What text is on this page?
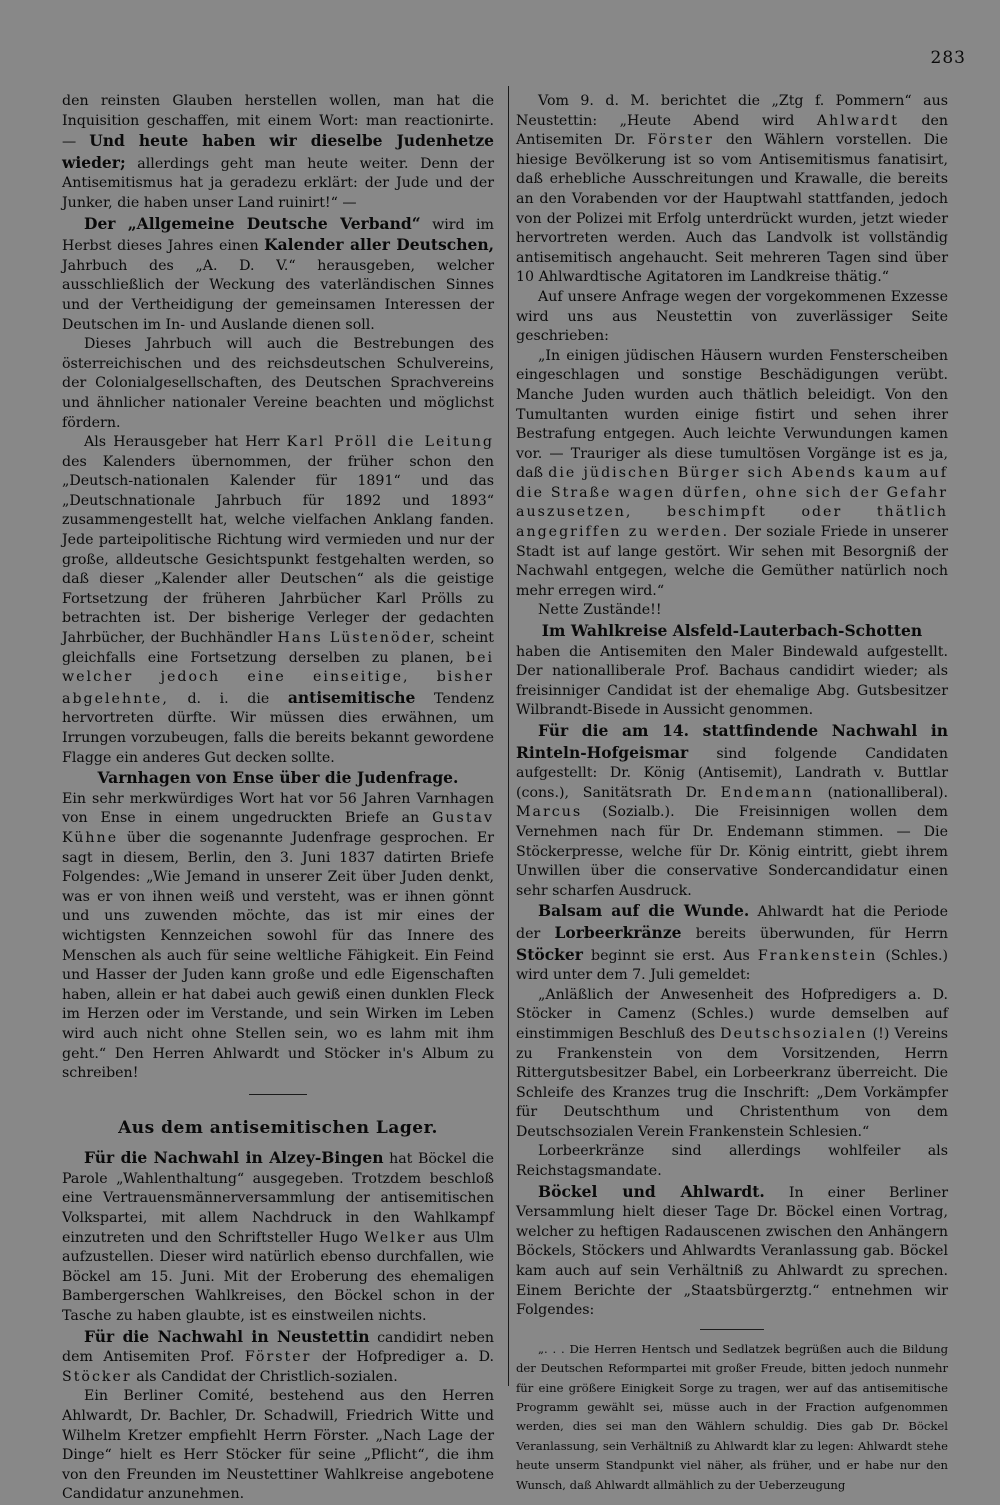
283

den reinsten Glauben herstellen wollen, man hat die Inquisition geschaffen, mit einem Wort: man reactionirte. — Und heute haben wir dieselbe Judenhetze wieder; allerdings geht man heute weiter. Denn der Antisemitismus hat ja geradezu erklärt: der Jude und der Junker, die haben unser Land ruinirt!“ —

Der „Allgemeine Deutsche Verband“ wird im Herbst dieses Jahres einen Kalender aller Deutschen, Jahrbuch des „A. D. V.“ herausgeben, welcher ausschließlich der Weckung des vaterländischen Sinnes und der Vertheidigung der gemeinsamen Interessen der Deutschen im In- und Auslande dienen soll.

Dieses Jahrbuch will auch die Bestrebungen des österreichischen und des reichsdeutschen Schulvereins, der Colonialgesellschaften, des Deutschen Sprachvereins und ähnlicher nationaler Vereine beachten und möglichst fördern.

Als Herausgeber hat Herr Karl Pröll die Leitung des Kalenders übernommen, der früher schon den „Deutsch-nationalen Kalender für 1891“ und das „Deutschnationale Jahrbuch für 1892 und 1893“ zusammengestellt hat, welche vielfachen Anklang fanden. Jede parteipolitische Richtung wird vermieden und nur der große, alldeutsche Gesichtspunkt festgehalten werden, so daß dieser „Kalender aller Deutschen“ als die geistige Fortsetzung der früheren Jahrbücher Karl Prölls zu betrachten ist. Der bisherige Verleger der gedachten Jahrbücher, der Buchhändler Hans Lüstenöder, scheint gleichfalls eine Fortsetzung derselben zu planen, bei welcher jedoch eine einseitige, bisher abgelehnte, d. i. die antisemitische Tendenz hervortreten dürfte. Wir müssen dies erwähnen, um Irrungen vorzubeugen, falls die bereits bekannt gewordene Flagge ein anderes Gut decken sollte.

Varnhagen von Ense über die Judenfrage.

Ein sehr merkwürdiges Wort hat vor 56 Jahren Varnhagen von Ense in einem ungedruckten Briefe an Gustav Kühne über die sogenannte Judenfrage gesprochen. Er sagt in diesem, Berlin, den 3. Juni 1837 datirten Briefe Folgendes: „Wie Jemand in unserer Zeit über Juden denkt, was er von ihnen weiß und versteht, was er ihnen gönnt und uns zuwenden möchte, das ist mir eines der wichtigsten Kennzeichen sowohl für das Innere des Menschen als auch für seine weltliche Fähigkeit. Ein Feind und Hasser der Juden kann große und edle Eigenschaften haben, allein er hat dabei auch gewiß einen dunklen Fleck im Herzen oder im Verstande, und sein Wirken im Leben wird auch nicht ohne Stellen sein, wo es lahm mit ihm geht.“ Den Herren Ahlwardt und Stöcker in's Album zu schreiben!

Aus dem antisemitischen Lager.

Für die Nachwahl in Alzey-Bingen hat Böckel die Parole „Wahlenthaltung“ ausgegeben. Trotzdem beschloß eine Vertrauensmännerversammlung der antisemitischen Volkspartei, mit allem Nachdruck in den Wahlkampf einzutreten und den Schriftsteller Hugo Welker aus Ulm aufzustellen. Dieser wird natürlich ebenso durchfallen, wie Böckel am 15. Juni. Mit der Eroberung des ehemaligen Bambergerschen Wahlkreises, den Böckel schon in der Tasche zu haben glaubte, ist es einstweilen nichts.

Für die Nachwahl in Neustettin candidirt neben dem Antisemiten Prof. Förster der Hofprediger a. D. Stöcker als Candidat der Christlich-sozialen.

Ein Berliner Comité, bestehend aus den Herren Ahlwardt, Dr. Bachler, Dr. Schadwill, Friedrich Witte und Wilhelm Kretzer empfiehlt Herrn Förster. „Nach Lage der Dinge“ hielt es Herr Stöcker für seine „Pflicht“, die ihm von den Freunden im Neustettiner Wahlkreise angebotene Candidatur anzunehmen.

Vom 9. d. M. berichtet die „Ztg f. Pommern“ aus Neustettin: „Heute Abend wird Ahlwardt den Antisemiten Dr. Förster den Wählern vorstellen. Die hiesige Bevölkerung ist so vom Antisemitismus fanatisirt, daß erhebliche Ausschreitungen und Krawalle, die bereits an den Vorabenden vor der Hauptwahl stattfanden, jedoch von der Polizei mit Erfolg unterdrückt wurden, jetzt wieder hervortreten werden. Auch das Landvolk ist vollständig antisemitisch angehaucht. Seit mehreren Tagen sind über 10 Ahlwardtische Agitatoren im Landkreise thätig.“

Auf unsere Anfrage wegen der vorgekommenen Exzesse wird uns aus Neustettin von zuverlässiger Seite geschrieben:

„In einigen jüdischen Häusern wurden Fensterscheiben eingeschlagen und sonstige Beschädigungen verübt. Manche Juden wurden auch thätlich beleidigt. Von den Tumultanten wurden einige fistirt und sehen ihrer Bestrafung entgegen. Auch leichte Verwundungen kamen vor. — Trauriger als diese tumultösen Vorgänge ist es ja, daß die jüdischen Bürger sich Abends kaum auf die Straße wagen dürfen, ohne sich der Gefahr auszusetzen, beschimpft oder thätlich angegriffen zu werden. Der soziale Friede in unserer Stadt ist auf lange gestört. Wir sehen mit Besorgniß der Nachwahl entgegen, welche die Gemüther natürlich noch mehr erregen wird.“

Nette Zustände!!

Im Wahlkreise Alsfeld-Lauterbach-Schotten

haben die Antisemiten den Maler Bindewald aufgestellt. Der nationalliberale Prof. Bachaus candidirt wieder; als freisinniger Candidat ist der ehemalige Abg. Gutsbesitzer Wilbrandt-Bisede in Aussicht genommen.

Für die am 14. stattfindende Nachwahl in Rinteln-Hofgeismar sind folgende Candidaten aufgestellt: Dr. König (Antisemit), Landrath v. Buttlar (cons.), Sanitätsrath Dr. Endemann (nationalliberal). Marcus (Sozialb.). Die Freisinnigen wollen dem Vernehmen nach für Dr. Endemann stimmen. — Die Stöckerpresse, welche für Dr. König eintritt, giebt ihrem Unwillen über die conservative Sondercandidatur einen sehr scharfen Ausdruck.

Balsam auf die Wunde. Ahlwardt hat die Periode der Lorbeerkränze bereits überwunden, für Herrn Stöcker beginnt sie erst. Aus Frankenstein (Schles.) wird unter dem 7. Juli gemeldet:

„Anläßlich der Anwesenheit des Hofpredigers a. D. Stöcker in Camenz (Schles.) wurde demselben auf einstimmigen Beschluß des Deutschsozialen (!) Vereins zu Frankenstein von dem Vorsitzenden, Herrn Rittergutsbesitzer Babel, ein Lorbeerkranz überreicht. Die Schleife des Kranzes trug die Inschrift: „Dem Vorkämpfer für Deutschthum und Christenthum von dem Deutschsozialen Verein Frankenstein Schlesien.“

Lorbeerkränze sind allerdings wohlfeiler als Reichstagsmandate.

Böckel und Ahlwardt. In einer Berliner Versammlung hielt dieser Tage Dr. Böckel einen Vortrag, welcher zu heftigen Radauscenen zwischen den Anhängern Böckels, Stöckers und Ahlwardts Veranlassung gab. Böckel kam auch auf sein Verhältniß zu Ahlwardt zu sprechen. Einem Berichte der „Staatsbürgerztg.“ entnehmen wir Folgendes:

„. . . Die Herren Hentsch und Sedlatzek begrüßen auch die Bildung der Deutschen Reformpartei mit großer Freude, bitten jedoch nunmehr für eine größere Einigkeit Sorge zu tragen, wer auf das antisemitische Programm gewählt sei, müsse auch in der Fraction aufgenommen werden, dies sei man den Wählern schuldig. Dies gab Dr. Böckel Veranlassung, sein Verhältniß zu Ahlwardt klar zu legen: Ahlwardt stehe heute unserm Standpunkt viel näher, als früher, und er habe nur den Wunsch, daß Ahlwardt allmählich zu der Ueberzeugung
